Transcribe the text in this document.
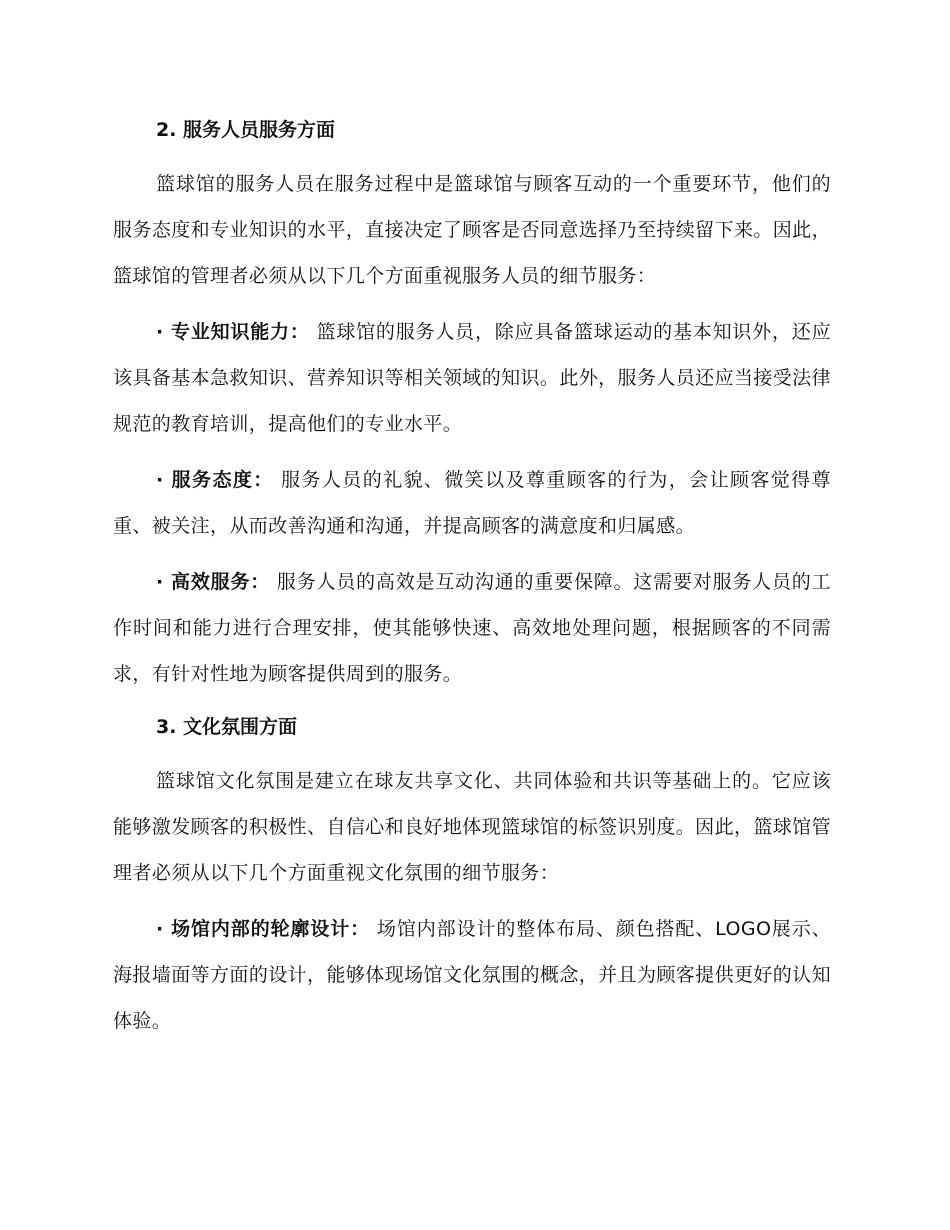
2. 服务人员服务方面

篮球馆的服务人员在服务过程中是篮球馆与顾客互动的一个重要环节，他们的服务态度和专业知识的水平，直接决定了顾客是否同意选择乃至持续留下来。因此，篮球馆的管理者必须从以下几个方面重视服务人员的细节服务：

· 专业知识能力： 篮球馆的服务人员，除应具备篮球运动的基本知识外，还应该具备基本急救知识、营养知识等相关领域的知识。此外，服务人员还应当接受法律规范的教育培训，提高他们的专业水平。

· 服务态度： 服务人员的礼貌、微笑以及尊重顾客的行为，会让顾客觉得尊重、被关注，从而改善沟通和沟通，并提高顾客的满意度和归属感。

· 高效服务： 服务人员的高效是互动沟通的重要保障。这需要对服务人员的工作时间和能力进行合理安排，使其能够快速、高效地处理问题，根据顾客的不同需求，有针对性地为顾客提供周到的服务。

3. 文化氛围方面

篮球馆文化氛围是建立在球友共享文化、共同体验和共识等基础上的。它应该能够激发顾客的积极性、自信心和良好地体现篮球馆的标签识别度。因此，篮球馆管理者必须从以下几个方面重视文化氛围的细节服务：

· 场馆内部的轮廓设计： 场馆内部设计的整体布局、颜色搭配、LOGO展示、海报墙面等方面的设计，能够体现场馆文化氛围的概念，并且为顾客提供更好的认知体验。
